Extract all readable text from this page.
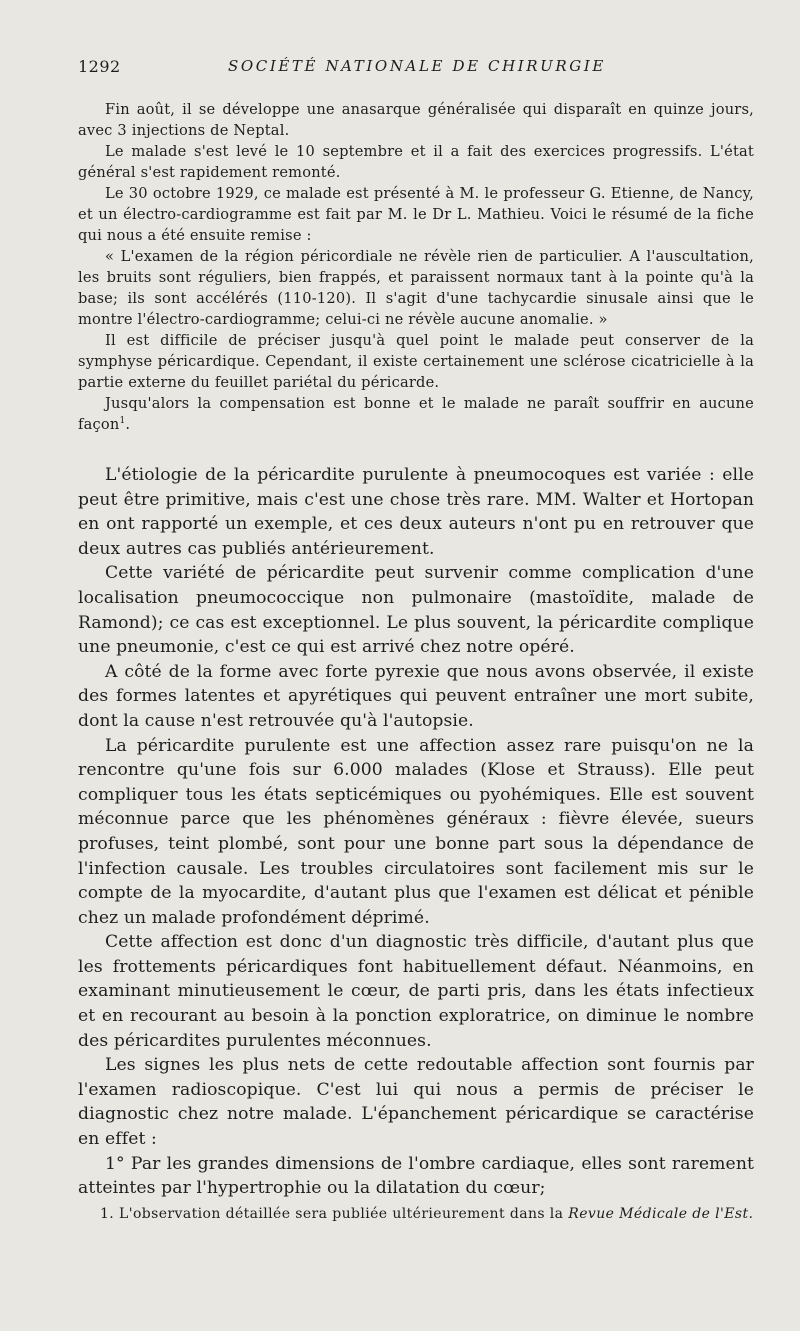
1292	SOCIÉTÉ NATIONALE DE CHIRURGIE

Fin août, il se développe une anasarque généralisée qui disparaît en quinze jours, avec 3 injections de Neptal.

Le malade s'est levé le 10 septembre et il a fait des exercices progressifs. L'état général s'est rapidement remonté.

Le 30 octobre 1929, ce malade est présenté à M. le professeur G. Etienne, de Nancy, et un électro-cardiogramme est fait par M. le Dr L. Mathieu. Voici le résumé de la fiche qui nous a été ensuite remise :

« L'examen de la région péricordiale ne révèle rien de particulier. A l'auscultation, les bruits sont réguliers, bien frappés, et paraissent normaux tant à la pointe qu'à la base; ils sont accélérés (110-120). Il s'agit d'une tachycardie sinusale ainsi que le montre l'électro-cardiogramme; celui-ci ne révèle aucune anomalie. »

Il est difficile de préciser jusqu'à quel point le malade peut conserver de la symphyse péricardique. Cependant, il existe certainement une sclérose cicatricielle à la partie externe du feuillet pariétal du péricarde.

Jusqu'alors la compensation est bonne et le malade ne paraît souffrir en aucune façon$^1$.

L'étiologie de la péricardite purulente à pneumocoques est variée : elle peut être primitive, mais c'est une chose très rare. MM. Walter et Hortopan en ont rapporté un exemple, et ces deux auteurs n'ont pu en retrouver que deux autres cas publiés antérieurement.

Cette variété de péricardite peut survenir comme complication d'une localisation pneumococcique non pulmonaire (mastoïdite, malade de Ramond); ce cas est exceptionnel. Le plus souvent, la péricardite complique une pneumonie, c'est ce qui est arrivé chez notre opéré.

A côté de la forme avec forte pyrexie que nous avons observée, il existe des formes latentes et apyrétiques qui peuvent entraîner une mort subite, dont la cause n'est retrouvée qu'à l'autopsie.

La péricardite purulente est une affection assez rare puisqu'on ne la rencontre qu'une fois sur 6.000 malades (Klose et Strauss). Elle peut compliquer tous les états septicémiques ou pyohémiques. Elle est souvent méconnue parce que les phénomènes généraux : fièvre élevée, sueurs profuses, teint plombé, sont pour une bonne part sous la dépendance de l'infection causale. Les troubles circulatoires sont facilement mis sur le compte de la myocardite, d'autant plus que l'examen est délicat et pénible chez un malade profondément déprimé.

Cette affection est donc d'un diagnostic très difficile, d'autant plus que les frottements péricardiques font habituellement défaut. Néanmoins, en examinant minutieusement le cœur, de parti pris, dans les états infectieux et en recourant au besoin à la ponction exploratrice, on diminue le nombre des péricardites purulentes méconnues.

Les signes les plus nets de cette redoutable affection sont fournis par l'examen radioscopique. C'est lui qui nous a permis de préciser le diagnostic chez notre malade. L'épanchement péricardique se caractérise en effet :

1° Par les grandes dimensions de l'ombre cardiaque, elles sont rarement atteintes par l'hypertrophie ou la dilatation du cœur;

1. L'observation détaillée sera publiée ultérieurement dans la Revue Médicale de l'Est.
